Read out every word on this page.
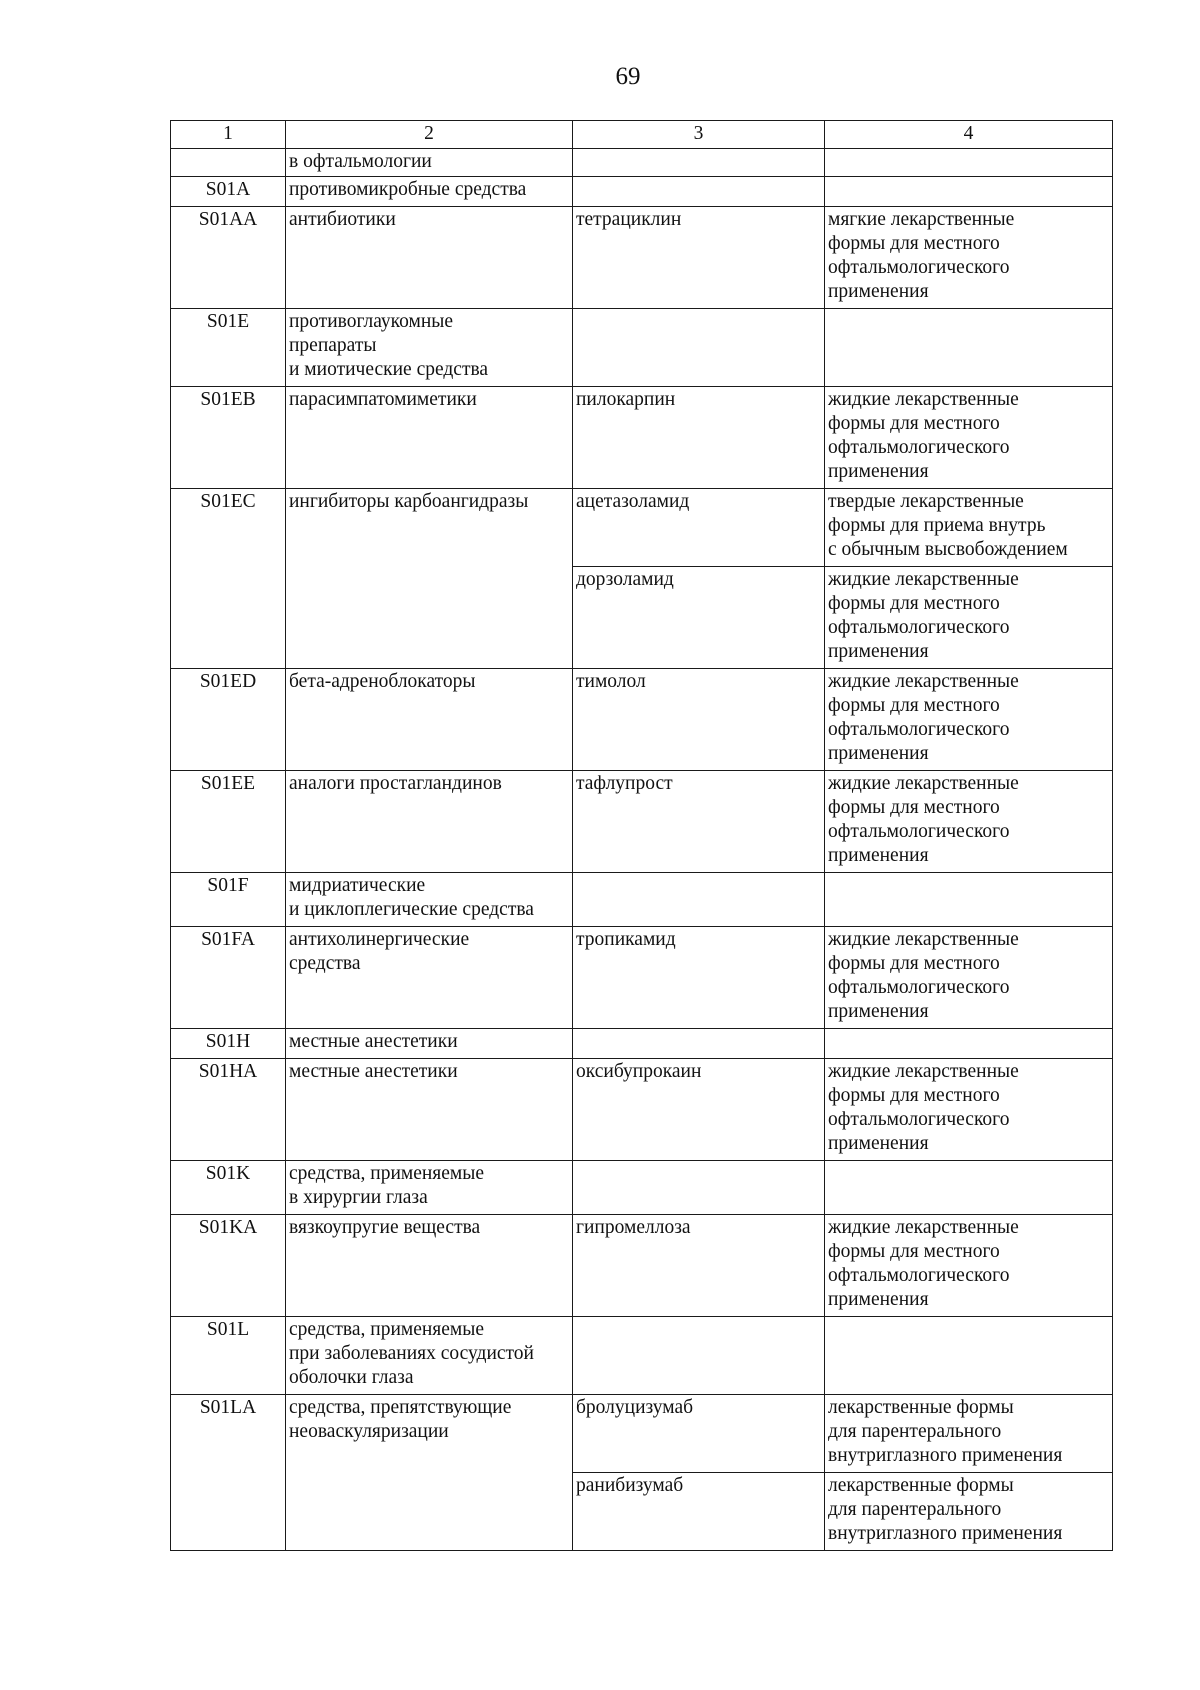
69
1	2	3	4
	в офтальмологии		
S01A	противомикробные средства		
S01AA	антибиотики	тетрациклин	мягкие лекарственные
формы для местного
офтальмологического
применения
S01E	противоглаукомные
препараты
и миотические средства		
S01EB	парасимпатомиметики	пилокарпин	жидкие лекарственные
формы для местного
офтальмологического
применения
S01EC	ингибиторы карбоангидразы	ацетазоламид	твердые лекарственные
формы для приема внутрь
с обычным высвобождением
		дорзоламид	жидкие лекарственные
формы для местного
офтальмологического
применения
S01ED	бета-адреноблокаторы	тимолол	жидкие лекарственные
формы для местного
офтальмологического
применения
S01EE	аналоги простагландинов	тафлупрост	жидкие лекарственные
формы для местного
офтальмологического
применения
S01F	мидриатические
и циклоплегические средства		
S01FA	антихолинергические
средства	тропикамид	жидкие лекарственные
формы для местного
офтальмологического
применения
S01H	местные анестетики		
S01HA	местные анестетики	оксибупрокаин	жидкие лекарственные
формы для местного
офтальмологического
применения
S01K	средства, применяемые
в хирургии глаза		
S01KA	вязкоупругие вещества	гипромеллоза	жидкие лекарственные
формы для местного
офтальмологического
применения
S01L	средства, применяемые
при заболеваниях сосудистой
оболочки глаза		
S01LA	средства, препятствующие
неоваскуляризации	бролуцизумаб	лекарственные формы
для парентерального
внутриглазного применения
		ранибизумаб	лекарственные формы
для парентерального
внутриглазного применения
